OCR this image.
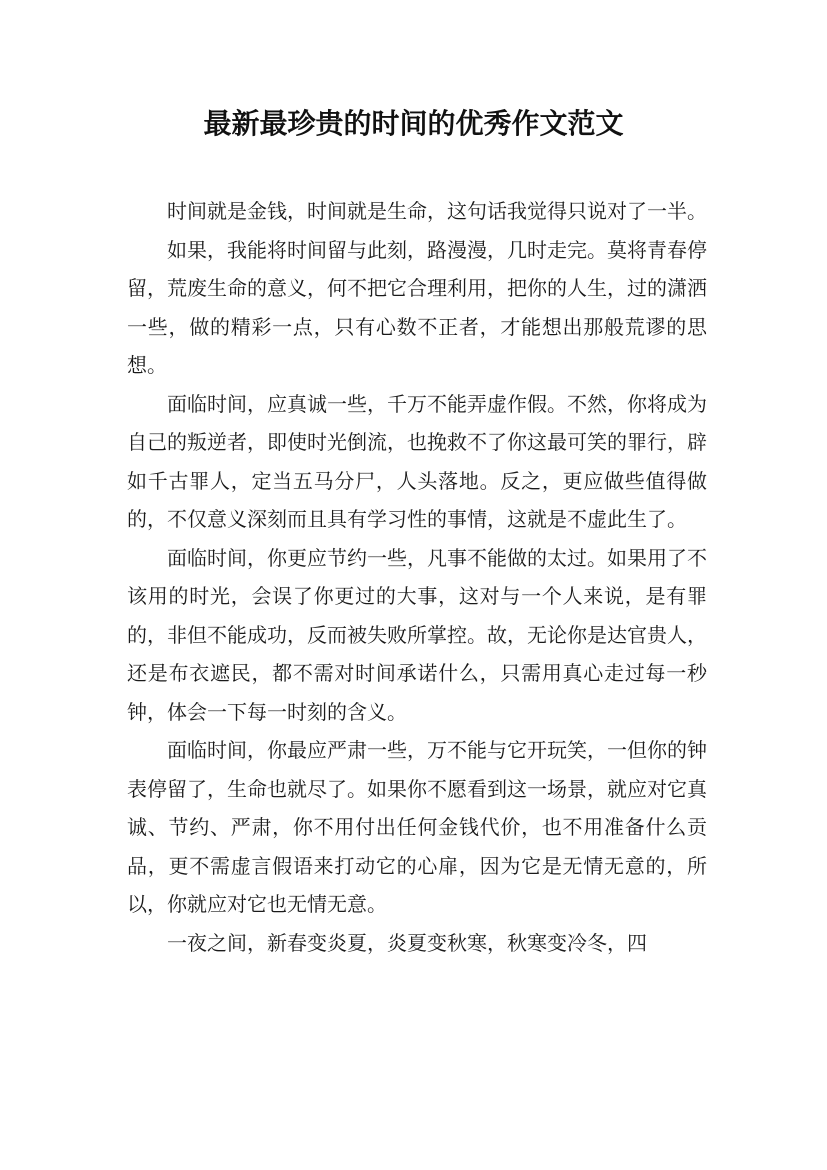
最新最珍贵的时间的优秀作文范文

时间就是金钱，时间就是生命，这句话我觉得只说对了一半。

如果，我能将时间留与此刻，路漫漫，几时走完。莫将青春停留，荒废生命的意义，何不把它合理利用，把你的人生，过的潇洒一些，做的精彩一点，只有心数不正者，才能想出那般荒谬的思想。

面临时间，应真诚一些，千万不能弄虚作假。不然，你将成为自己的叛逆者，即使时光倒流，也挽救不了你这最可笑的罪行，辟如千古罪人，定当五马分尸，人头落地。反之，更应做些值得做的，不仅意义深刻而且具有学习性的事情，这就是不虚此生了。

面临时间，你更应节约一些，凡事不能做的太过。如果用了不该用的时光，会误了你更过的大事，这对与一个人来说，是有罪的，非但不能成功，反而被失败所掌控。故，无论你是达官贵人，还是布衣遮民，都不需对时间承诺什么，只需用真心走过每一秒钟，体会一下每一时刻的含义。

面临时间，你最应严肃一些，万不能与它开玩笑，一但你的钟表停留了，生命也就尽了。如果你不愿看到这一场景，就应对它真诚、节约、严肃，你不用付出任何金钱代价，也不用准备什么贡品，更不需虚言假语来打动它的心扉，因为它是无情无意的，所以，你就应对它也无情无意。

一夜之间，新春变炎夏，炎夏变秋寒，秋寒变冷冬，四
